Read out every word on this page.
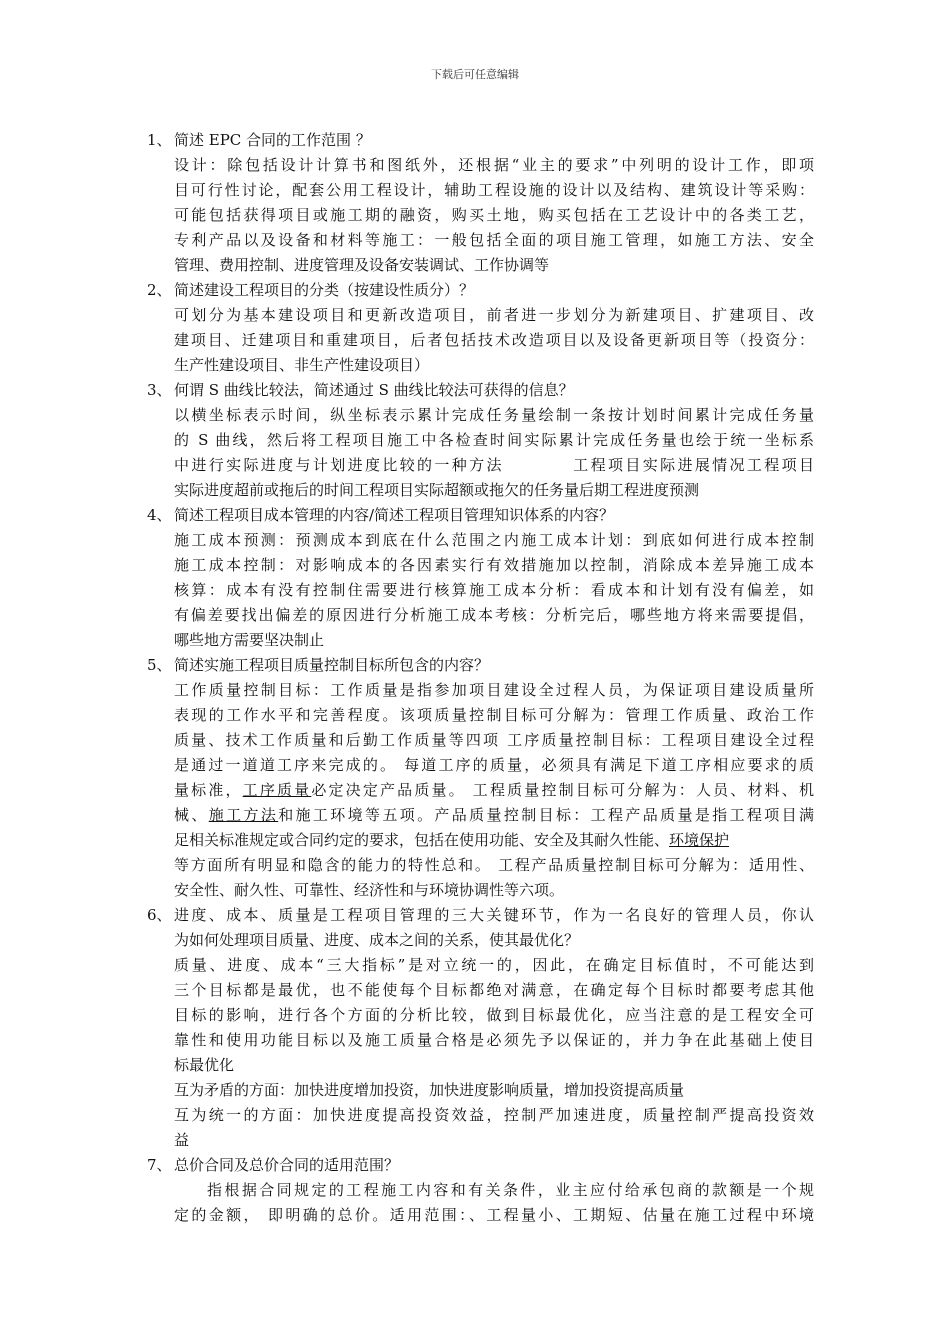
下载后可任意编辑
1、 简述 EPC 合同的工作范围 ？
设计：除包括设计计算书和图纸外，还根据“业主的要求”中列明的设计工作，即项
目可行性讨论，配套公用工程设计，辅助工程设施的设计以及结构、建筑设计等采购：
可能包括获得项目或施工期的融资，购买土地，购买包括在工艺设计中的各类工艺，
专利产品以及设备和材料等施工：一般包括全面的项目施工管理，如施工方法、安全
管理、费用控制、进度管理及设备安装调试、工作协调等
2、 简述建设工程项目的分类（按建设性质分）？
可划分为基本建设项目和更新改造项目，前者进一步划分为新建项目、扩建项目、改
建项目、迁建项目和重建项目，后者包括技术改造项目以及设备更新项目等（投资分：
生产性建设项目、非生产性建设项目）
3、 何谓 S 曲线比较法，简述通过 S 曲线比较法可获得的信息？
以横坐标表示时间，纵坐标表示累计完成任务量绘制一条按计划时间累计完成任务量
的 S 曲线，然后将工程项目施工中各检查时间实际累计完成任务量也绘于统一坐标系
中进行实际进度与计划进度比较的一种方法　　　　工程项目实际进展情况工程项目
实际进度超前或拖后的时间工程项目实际超额或拖欠的任务量后期工程进度预测
4、 简述工程项目成本管理的内容/简述工程项目管理知识体系的内容？
施工成本预测：预测成本到底在什么范围之内施工成本计划：到底如何进行成本控制
施工成本控制：对影响成本的各因素实行有效措施加以控制，消除成本差异施工成本
核算：成本有没有控制住需要进行核算施工成本分析：看成本和计划有没有偏差，如
有偏差要找出偏差的原因进行分析施工成本考核：分析完后，哪些地方将来需要提倡，
哪些地方需要坚决制止
5、 简述实施工程项目质量控制目标所包含的内容？
工作质量控制目标：工作质量是指参加项目建设全过程人员，为保证项目建设质量所
表现的工作水平和完善程度。该项质量控制目标可分解为：管理工作质量、政治工作
质量、技术工作质量和后勤工作质量等四项 工序质量控制目标：工程项目建设全过程
是通过一道道工序来完成的。 每道工序的质量，必须具有满足下道工序相应要求的质
量标准，工序质量必定决定产品质量。 工程质量控制目标可分解为：人员、材料、机
械、施工方法和施工环境等五项。产品质量控制目标：工程产品质量是指工程项目满
足相关标准规定或合同约定的要求，包括在使用功能、安全及其耐久性能、环境保护
等方面所有明显和隐含的能力的特性总和。 工程产品质量控制目标可分解为：适用性、
安全性、耐久性、可靠性、经济性和与环境协调性等六项。
6、 进度、成本、质量是工程项目管理的三大关键环节，作为一名良好的管理人员，你认
为如何处理项目质量、进度、成本之间的关系，使其最优化？
质量、进度、成本“三大指标”是对立统一的，因此，在确定目标值时，不可能达到
三个目标都是最优，也不能使每个目标都绝对满意，在确定每个目标时都要考虑其他
目标的影响，进行各个方面的分析比较，做到目标最优化，应当注意的是工程安全可
靠性和使用功能目标以及施工质量合格是必须先予以保证的，并力争在此基础上使目
标最优化
互为矛盾的方面：加快进度增加投资，加快进度影响质量，增加投资提高质量
互为统一的方面：加快进度提高投资效益，控制严加速进度，质量控制严提高投资效
益
7、 总价合同及总价合同的适用范围？
指根据合同规定的工程施工内容和有关条件，业主应付给承包商的款额是一个规
定的金额， 即明确的总价。适用范围：、工程量小、工期短、估量在施工过程中环境
